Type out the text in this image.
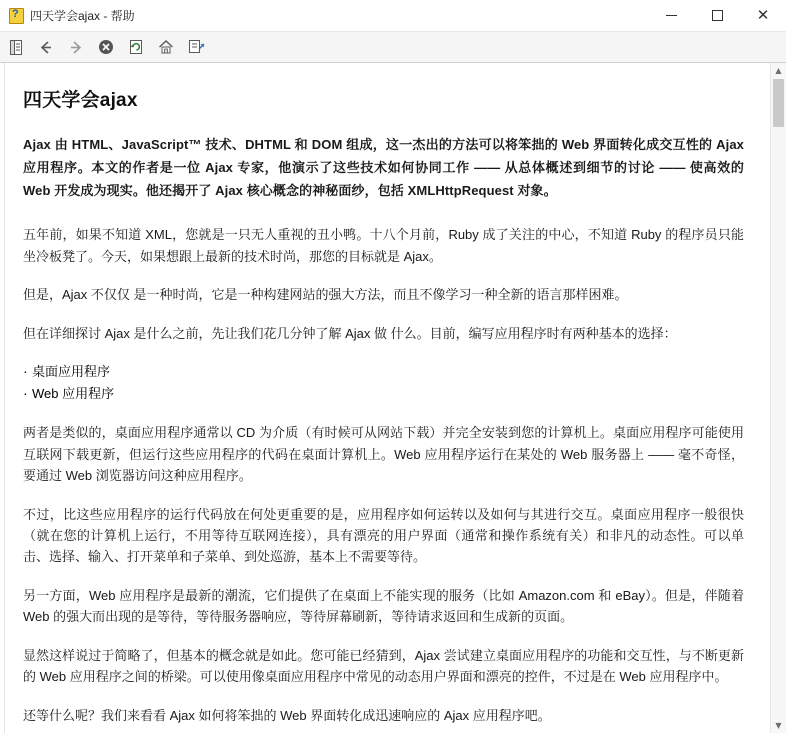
? 四天学会ajax - 帮助	✕
四天学会ajax

Ajax 由 HTML、JavaScript™ 技术、DHTML 和 DOM 组成，这一杰出的方法可以将笨拙的 Web 界面转化成交互性的 Ajax 应用程序。本文的作者是一位 Ajax 专家，他演示了这些技术如何协同工作 —— 从总体概述到细节的讨论 —— 使高效的 Web 开发成为现实。他还揭开了 Ajax 核心概念的神秘面纱，包括 XMLHttpRequest 对象。

五年前，如果不知道 XML，您就是一只无人重视的丑小鸭。十八个月前，Ruby 成了关注的中心，不知道 Ruby 的程序员只能坐冷板凳了。今天，如果想跟上最新的技术时尚，那您的目标就是 Ajax。

但是，Ajax 不仅仅 是一种时尚，它是一种构建网站的强大方法，而且不像学习一种全新的语言那样困难。

但在详细探讨 Ajax 是什么之前，先让我们花几分钟了解 Ajax 做 什么。目前，编写应用程序时有两种基本的选择：

· 桌面应用程序
· Web 应用程序

两者是类似的，桌面应用程序通常以 CD 为介质（有时候可从网站下载）并完全安装到您的计算机上。桌面应用程序可能使用互联网下载更新，但运行这些应用程序的代码在桌面计算机上。Web 应用程序运行在某处的 Web 服务器上 —— 毫不奇怪，要通过 Web 浏览器访问这种应用程序。

不过，比这些应用程序的运行代码放在何处更重要的是，应用程序如何运转以及如何与其进行交互。桌面应用程序一般很快（就在您的计算机上运行，不用等待互联网连接），具有漂亮的用户界面（通常和操作系统有关）和非凡的动态性。可以单击、选择、输入、打开菜单和子菜单、到处巡游，基本上不需要等待。

另一方面，Web 应用程序是最新的潮流，它们提供了在桌面上不能实现的服务（比如 Amazon.com 和 eBay）。但是，伴随着 Web 的强大而出现的是等待，等待服务器响应，等待屏幕刷新，等待请求返回和生成新的页面。

显然这样说过于简略了，但基本的概念就是如此。您可能已经猜到，Ajax 尝试建立桌面应用程序的功能和交互性，与不断更新的 Web 应用程序之间的桥梁。可以使用像桌面应用程序中常见的动态用户界面和漂亮的控件，不过是在 Web 应用程序中。

还等什么呢？我们来看看 Ajax 如何将笨拙的 Web 界面转化成迅速响应的 Ajax 应用程序吧。

▲
▼
